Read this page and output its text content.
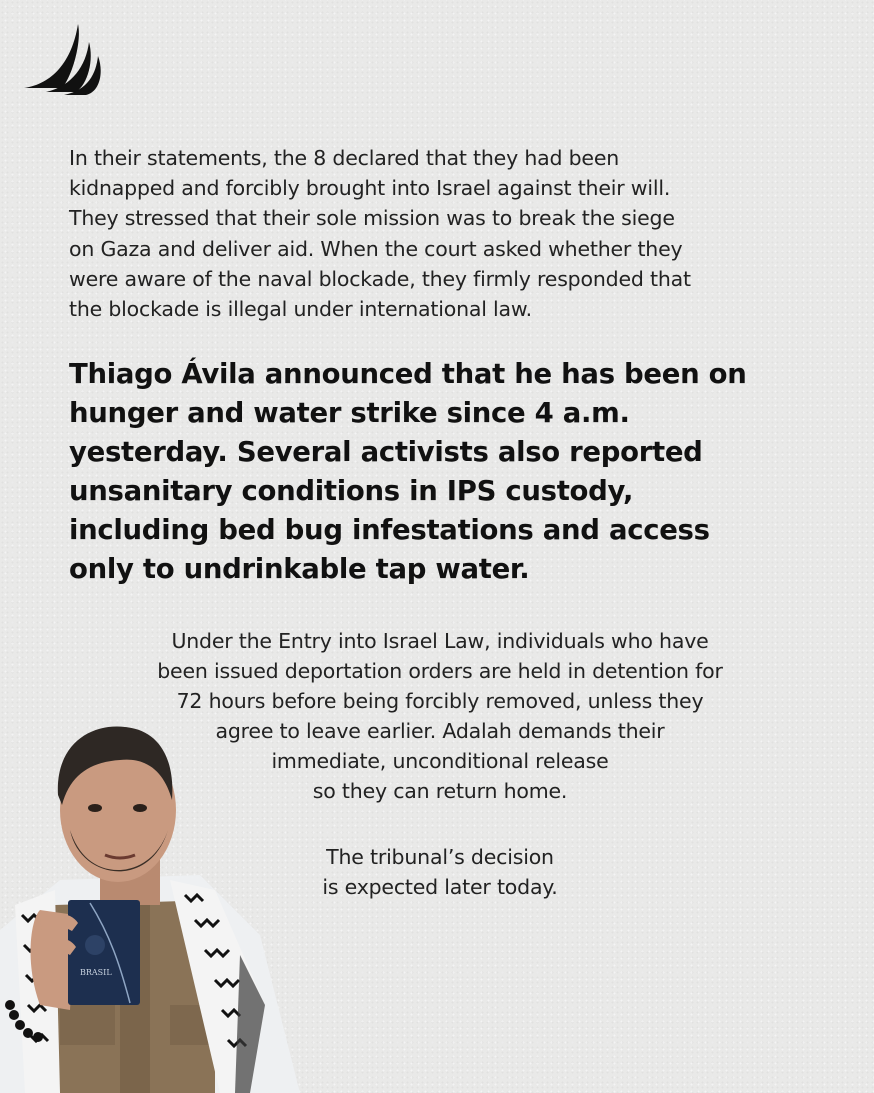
In their statements, the 8 declared that they had been
kidnapped and forcibly brought into Israel against their will.
They stressed that their sole mission was to break the siege
on Gaza and deliver aid. When the court asked whether they
were aware of the naval blockade, they firmly responded that
the blockade is illegal under international law.
Thiago Ávila announced that he has been on
hunger and water strike since 4 a.m.
yesterday. Several activists also reported
unsanitary conditions in IPS custody,
including bed bug infestations and access
only to undrinkable tap water.
Under the Entry into Israel Law, individuals who have
been issued deportation orders are held in detention for
72 hours before being forcibly removed, unless they
agree to leave earlier. Adalah demands their
immediate, unconditional release
so they can return home.
The tribunal’s decision
is expected later today.
BRASIL
